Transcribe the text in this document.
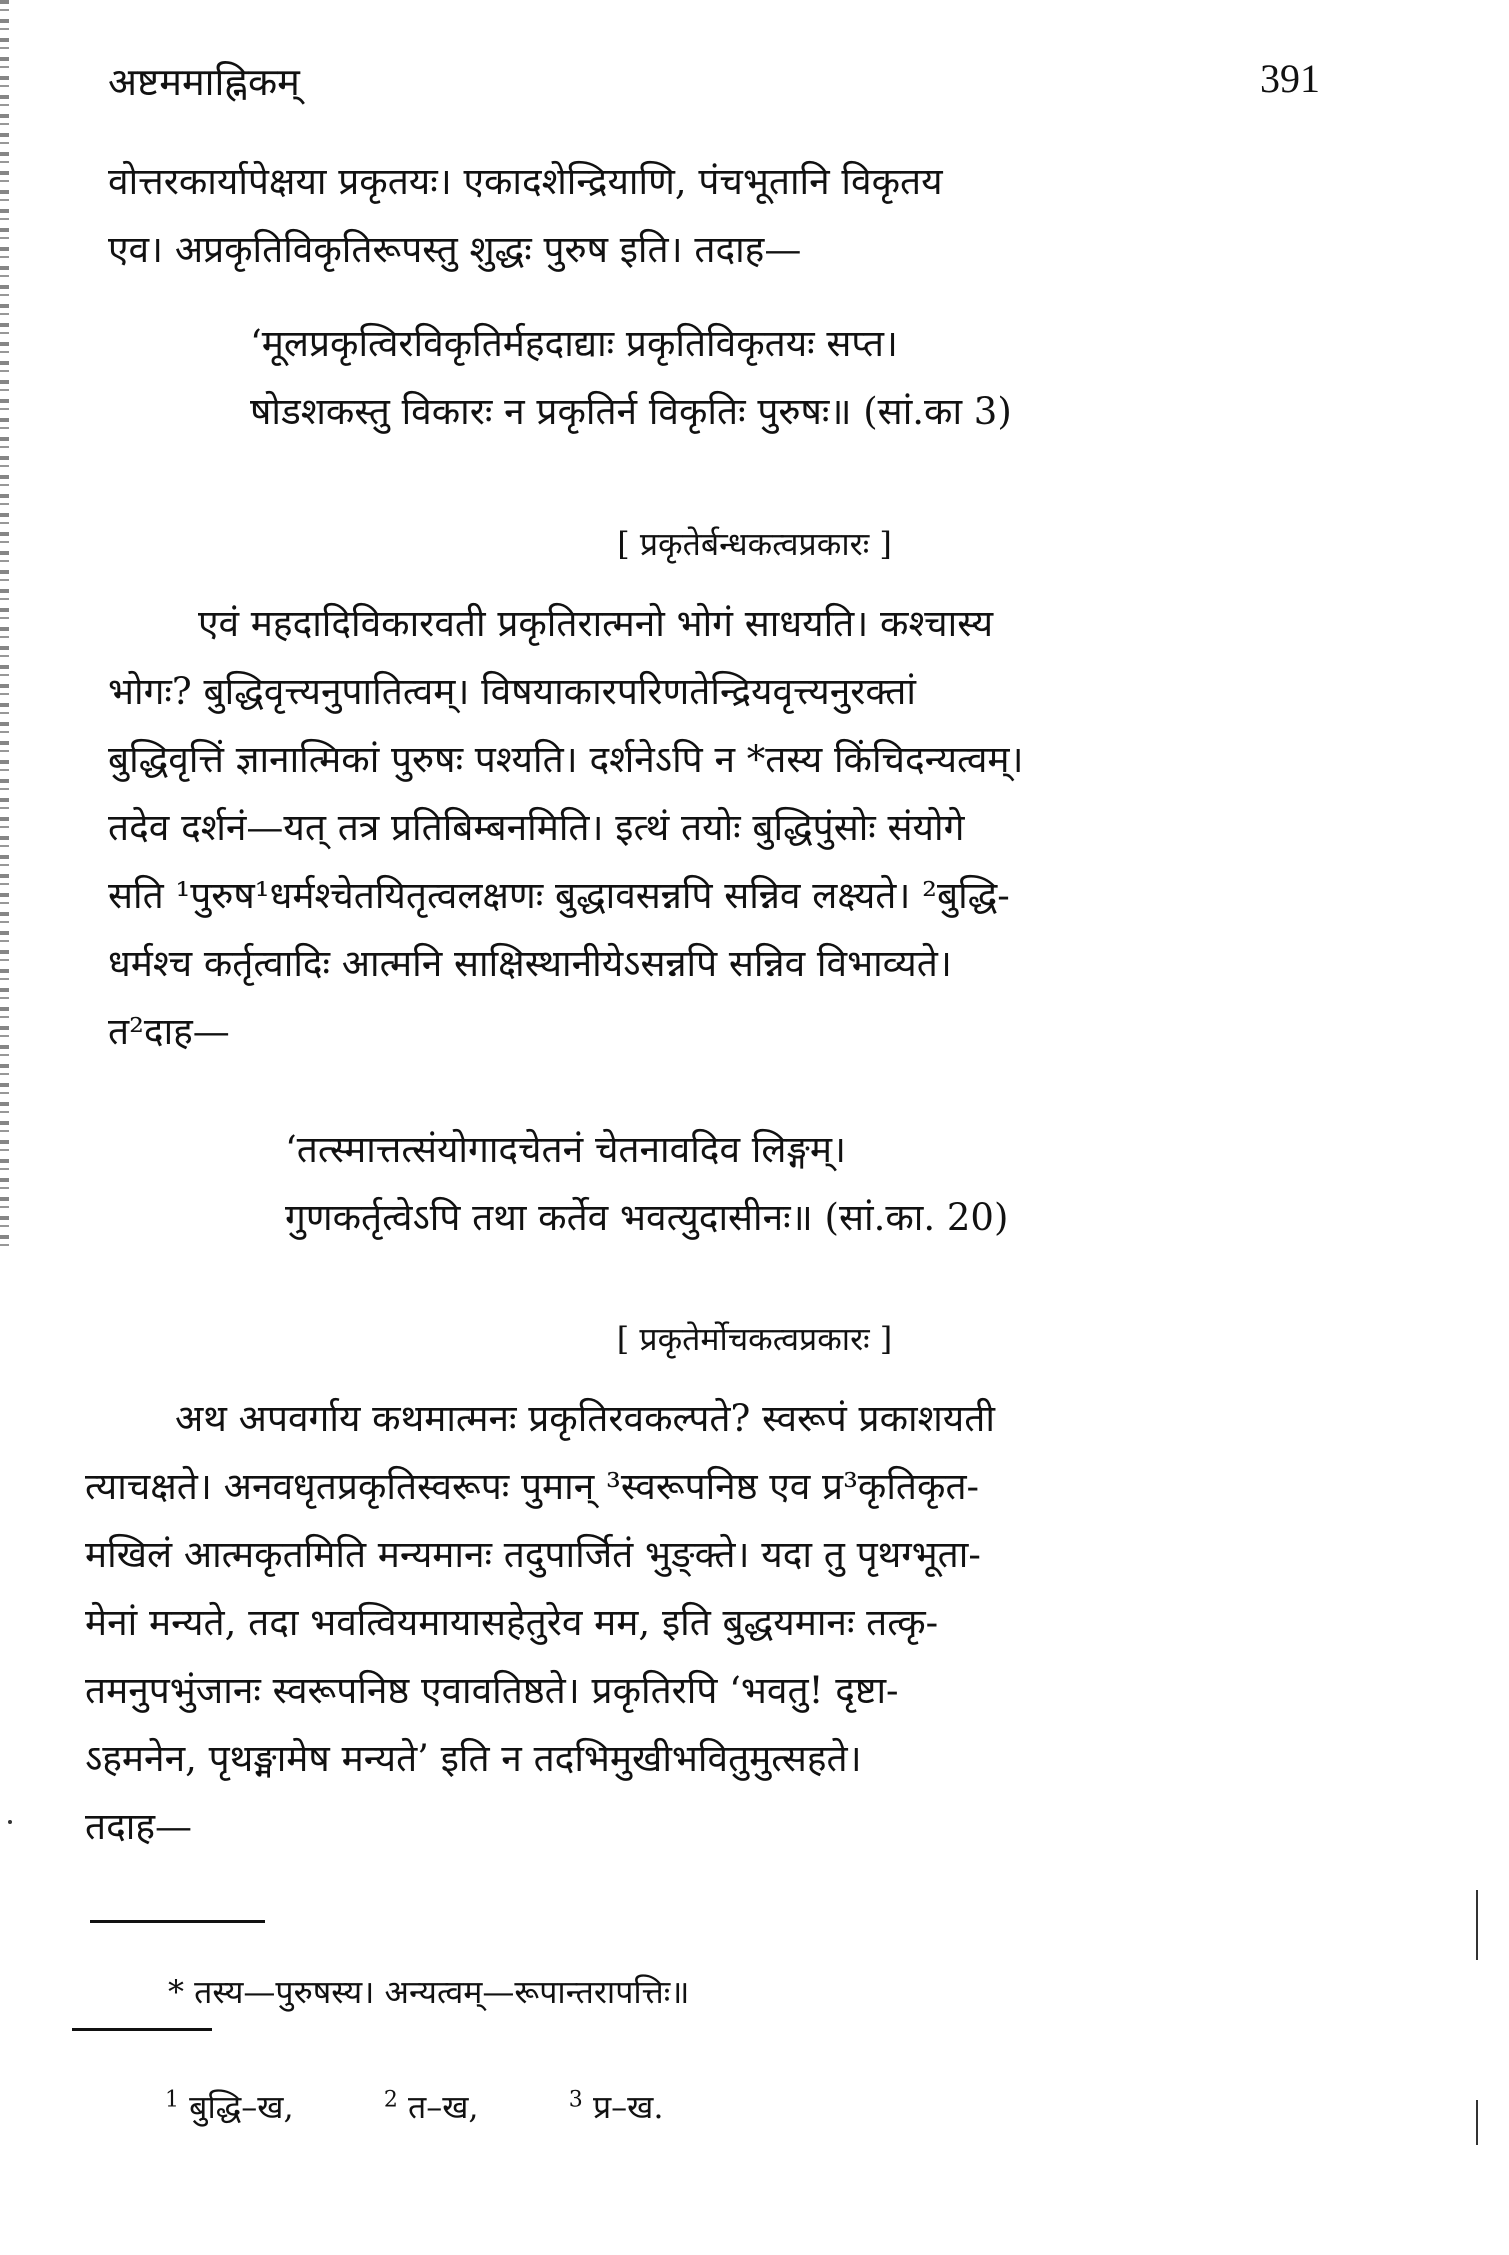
अष्टममाह्निकम्	391
वोत्तरकार्यापेक्षया प्रकृतयः। एकादशेन्द्रियाणि, पंचभूतानि विकृतय
एव। अप्रकृतिविकृतिरूपस्तु शुद्धः पुरुष इति। तदाह—
‘मूलप्रकृत्विरविकृतिर्महदाद्याः प्रकृतिविकृतयः सप्त।
षोडशकस्तु विकारः न प्रकृतिर्न विकृतिः पुरुषः॥ (सां.का 3)
[ प्रकृतेर्बन्धकत्वप्रकारः ]
एवं महदादिविकारवती प्रकृतिरात्मनो भोगं साधयति। कश्चास्य
भोगः? बुद्धिवृत्त्यनुपातित्वम्। विषयाकारपरिणतेन्द्रियवृत्त्यनुरक्तां
बुद्धिवृत्तिं ज्ञानात्मिकां पुरुषः पश्यति। दर्शनेऽपि न *तस्य किंचिदन्यत्वम्।
तदेव दर्शनं—यत् तत्र प्रतिबिम्बनमिति। इत्थं तयोः बुद्धिपुंसोः संयोगे
सति ¹पुरुष¹धर्मश्चेतयितृत्वलक्षणः बुद्धावसन्नपि सन्निव लक्ष्यते। ²बुद्धि-
धर्मश्च कर्तृत्वादिः आत्मनि साक्षिस्थानीयेऽसन्नपि सन्निव विभाव्यते।
त²दाह—
‘तत्स्मात्तत्संयोगादचेतनं चेतनावदिव लिङ्गम्।
गुणकर्तृत्वेऽपि तथा कर्तेव भवत्युदासीनः॥ (सां.का. 20)
[ प्रकृतेर्मोचकत्वप्रकारः ]
अथ अपवर्गाय कथमात्मनः प्रकृतिरवकल्पते? स्वरूपं प्रकाशयती
त्याचक्षते। अनवधृतप्रकृतिस्वरूपः पुमान् ³स्वरूपनिष्ठ एव प्र³कृतिकृत-
मखिलं आत्मकृतमिति मन्यमानः तदुपार्जितं भुङ्क्ते। यदा तु पृथग्भूता-
मेनां मन्यते, तदा भवत्वियमायासहेतुरेव मम, इति बुद्धयमानः तत्कृ-
तमनुपभुंजानः स्वरूपनिष्ठ एवावतिष्ठते। प्रकृतिरपि ‘भवतु! दृष्टा-
ऽहमनेन, पृथङ्मामेष मन्यते’ इति न तदभिमुखीभवितुमुत्सहते।
तदाह—
* तस्य—पुरुषस्य। अन्यत्वम्—रूपान्तरापत्तिः॥
$^1$ बुद्धि–ख,	$^2$ त–ख,	$^3$ प्र–ख.
